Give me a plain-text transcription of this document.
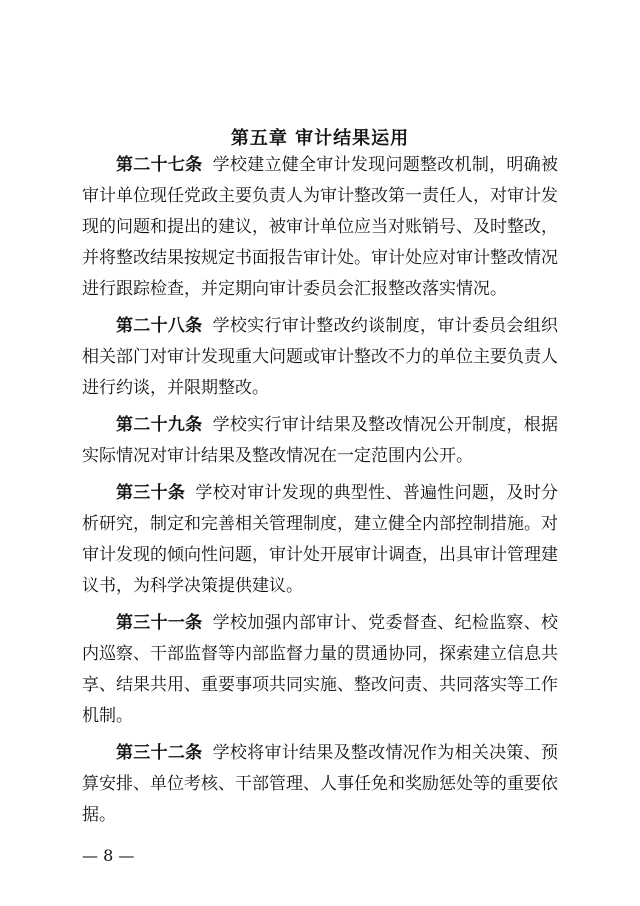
第五章 审计结果运用

第二十七条 学校建立健全审计发现问题整改机制，明确被审计单位现任党政主要负责人为审计整改第一责任人，对审计发现的问题和提出的建议，被审计单位应当对账销号、及时整改，并将整改结果按规定书面报告审计处。审计处应对审计整改情况进行跟踪检查，并定期向审计委员会汇报整改落实情况。

第二十八条 学校实行审计整改约谈制度，审计委员会组织相关部门对审计发现重大问题或审计整改不力的单位主要负责人进行约谈，并限期整改。

第二十九条 学校实行审计结果及整改情况公开制度，根据实际情况对审计结果及整改情况在一定范围内公开。

第三十条 学校对审计发现的典型性、普遍性问题，及时分析研究，制定和完善相关管理制度，建立健全内部控制措施。对审计发现的倾向性问题，审计处开展审计调查，出具审计管理建议书，为科学决策提供建议。

第三十一条 学校加强内部审计、党委督查、纪检监察、校内巡察、干部监督等内部监督力量的贯通协同，探索建立信息共享、结果共用、重要事项共同实施、整改问责、共同落实等工作机制。

第三十二条 学校将审计结果及整改情况作为相关决策、预算安排、单位考核、干部管理、人事任免和奖励惩处等的重要依据。

— 8 —
